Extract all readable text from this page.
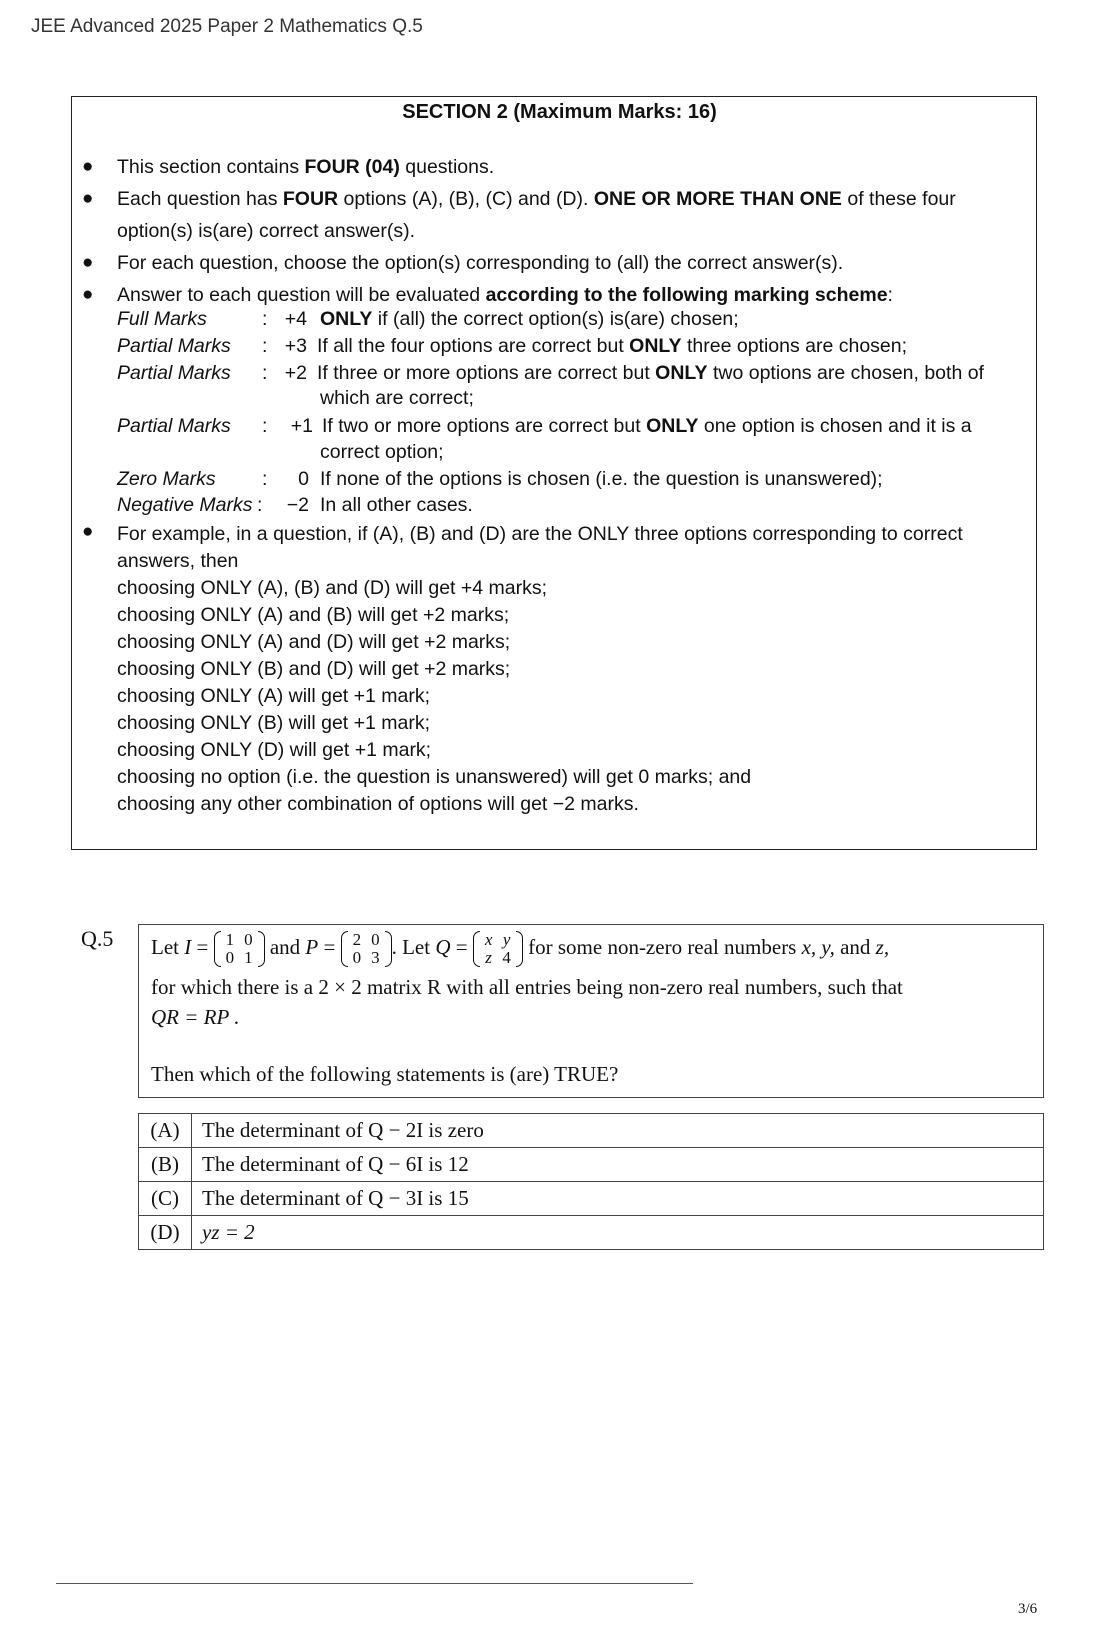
JEE Advanced 2025 Paper 2 Mathematics Q.5
SECTION 2 (Maximum Marks: 16)
● This section contains FOUR (04) questions.
● Each question has FOUR options (A), (B), (C) and (D). ONE OR MORE THAN ONE of these four
option(s) is(are) correct answer(s).
● For each question, choose the option(s) corresponding to (all) the correct answer(s).
● Answer to each question will be evaluated according to the following marking scheme:
Full Marks	: +4 ONLY if (all) the correct option(s) is(are) chosen;
Partial Marks : +3 If all the four options are correct but ONLY three options are chosen;
Partial Marks : +2 If three or more options are correct but ONLY two options are chosen, both of
which are correct;
Partial Marks :	+1 If two or more options are correct but ONLY one option is chosen and it is a
correct option;
Zero Marks :	0 If none of the options is chosen (i.e. the question is unanswered);
Negative Marks :	−2 In all other cases.
● For example, in a question, if (A), (B) and (D) are the ONLY three options corresponding to correct
answers, then
choosing ONLY (A), (B) and (D) will get +4 marks;
choosing ONLY (A) and (B) will get +2 marks;
choosing ONLY (A) and (D) will get +2 marks;
choosing ONLY (B) and (D) will get +2 marks;
choosing ONLY (A) will get +1 mark;
choosing ONLY (B) will get +1 mark;
choosing ONLY (D) will get +1 mark;
choosing no option (i.e. the question is unanswered) will get 0 marks; and
choosing any other combination of options will get −2 marks.
Q.5 Let I = 1	0
0	1 and P = 2	0
0	3 . Let Q = x	y
z	4 for some non-zero real numbers x, y, and z,
for which there is a 2 × 2 matrix R with all entries being non-zero real numbers, such that
QR = RP .
Then which of the following statements is (are) TRUE?
(A)	The determinant of Q − 2I is zero
(B)	The determinant of Q − 6I is 12
(C)	The determinant of Q − 3I is 15
(D)	yz = 2
3/6
